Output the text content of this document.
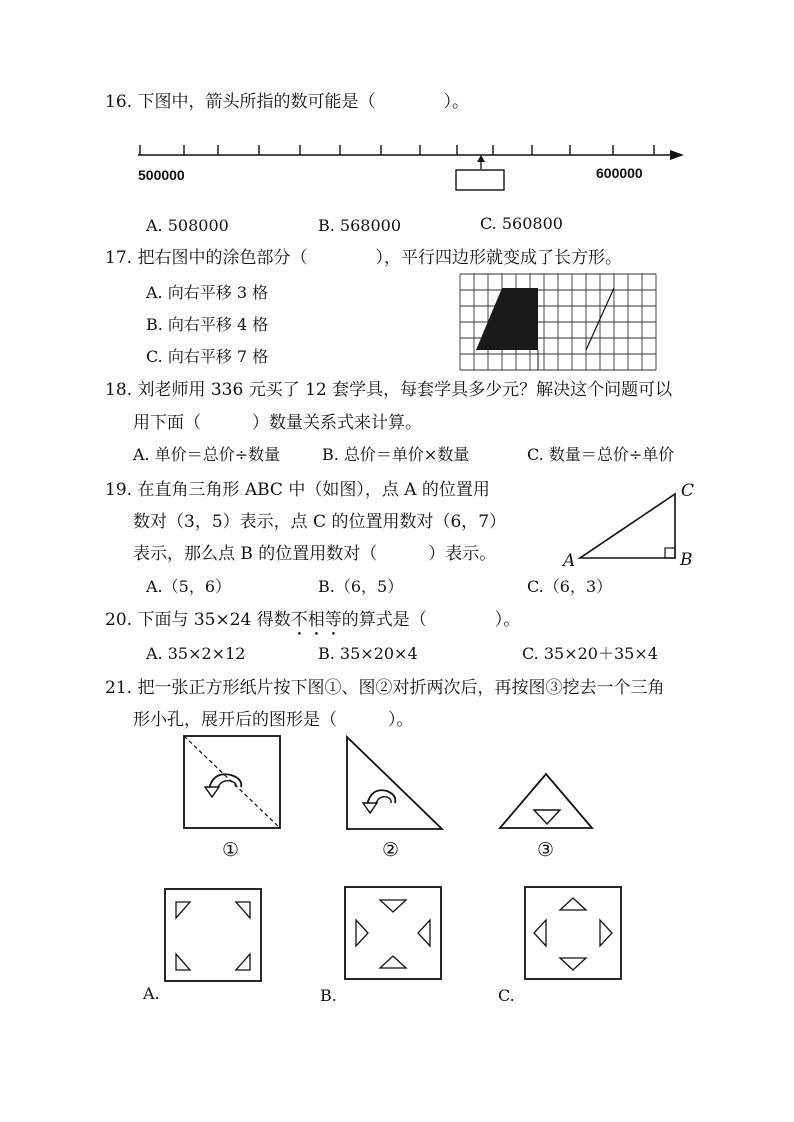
16. 下图中，箭头所指的数可能是（　　　　）。
500000	600000
A. 508000	B. 568000	C. 560800
17. 把右图中的涂色部分（　　　　），平行四边形就变成了长方形。
A. 向右平移 3 格
B. 向右平移 4 格
C. 向右平移 7 格
18. 刘老师用 336 元买了 12 套学具，每套学具多少元？解决这个问题可以
用下面（　　　）数量关系式来计算。
A. 单价＝总价÷数量	B. 总价＝单价×数量	C. 数量＝总价÷单价
19. 在直角三角形 ABC 中（如图），点 A 的位置用
数对（3，5）表示，点 C 的位置用数对（6，7）
表示，那么点 B 的位置用数对（　　　）表示。	A	B
C
A.（5，6）	B.（6，5）	C.（6，3）
20. 下面与 35×24 得数不相等的算式是（　　　　）。
A. 35×2×12	B. 35×20×4	C. 35×20＋35×4
21. 把一张正方形纸片按下图①、图②对折两次后，再按图③挖去一个三角
形小孔，展开后的图形是（　　　）。
①	②	③
A.	B.	C.
